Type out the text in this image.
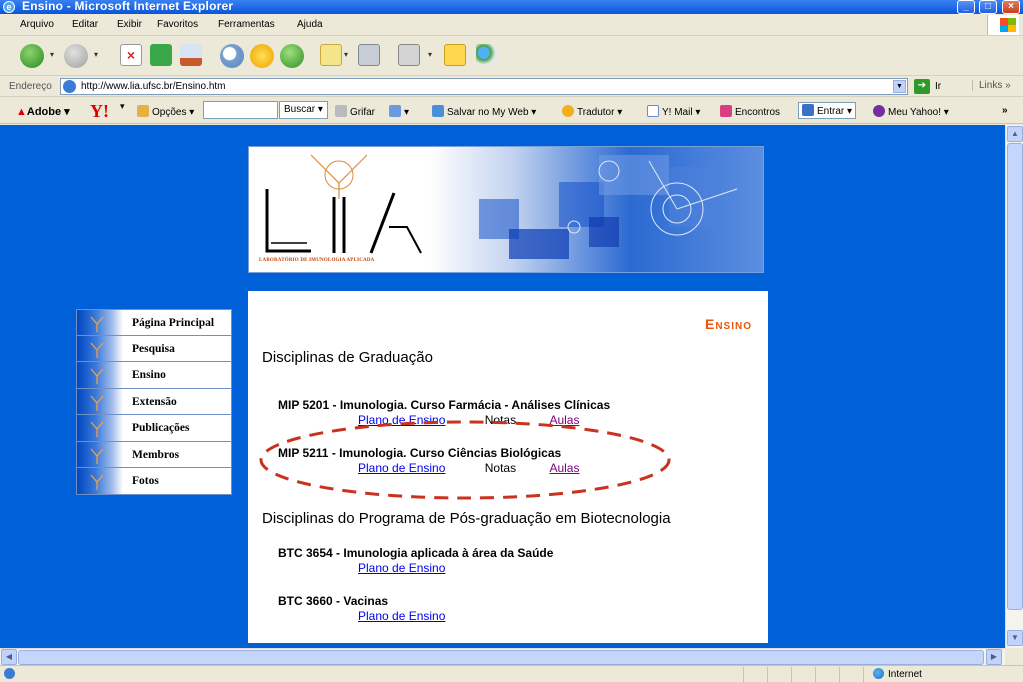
e Ensino - Microsoft Internet Explorer	_	□	×
Arquivo Editar Exibir Favoritos Ferramentas Ajuda
▾	▾	×	▾	▾
Endereço
http://www.lia.ufsc.br/Ensino.htm	▼	➔ Ir	Links »
▲Adobe ▾ Y! ▾
Opções ▾	Buscar ▾	Grifar	▾	Salvar no My Web ▾	Tradutor ▾	Y! Mail ▾	Encontros	Entrar ▾	Meu Yahoo! ▾	»
LABORATÓRIO DE IMUNOLOGIA APLICADA
Página Principal
Pesquisa
Ensino
Extensão
Publicações
Membros
Fotos
Ensino
Disciplinas de Graduação
MIP 5201 - Imunologia. Curso Farmácia - Análises Clínicas
Plano de Ensino	Notas	Aulas
MIP 5211 - Imunologia. Curso Ciências Biológicas
Plano de Ensino	Notas	Aulas
Disciplinas do Programa de Pós-graduação em Biotecnologia
BTC 3654 - Imunologia aplicada à área da Saúde
Plano de Ensino
BTC 3660 - Vacinas
Plano de Ensino
▲
▼
◀	▶
Internet
